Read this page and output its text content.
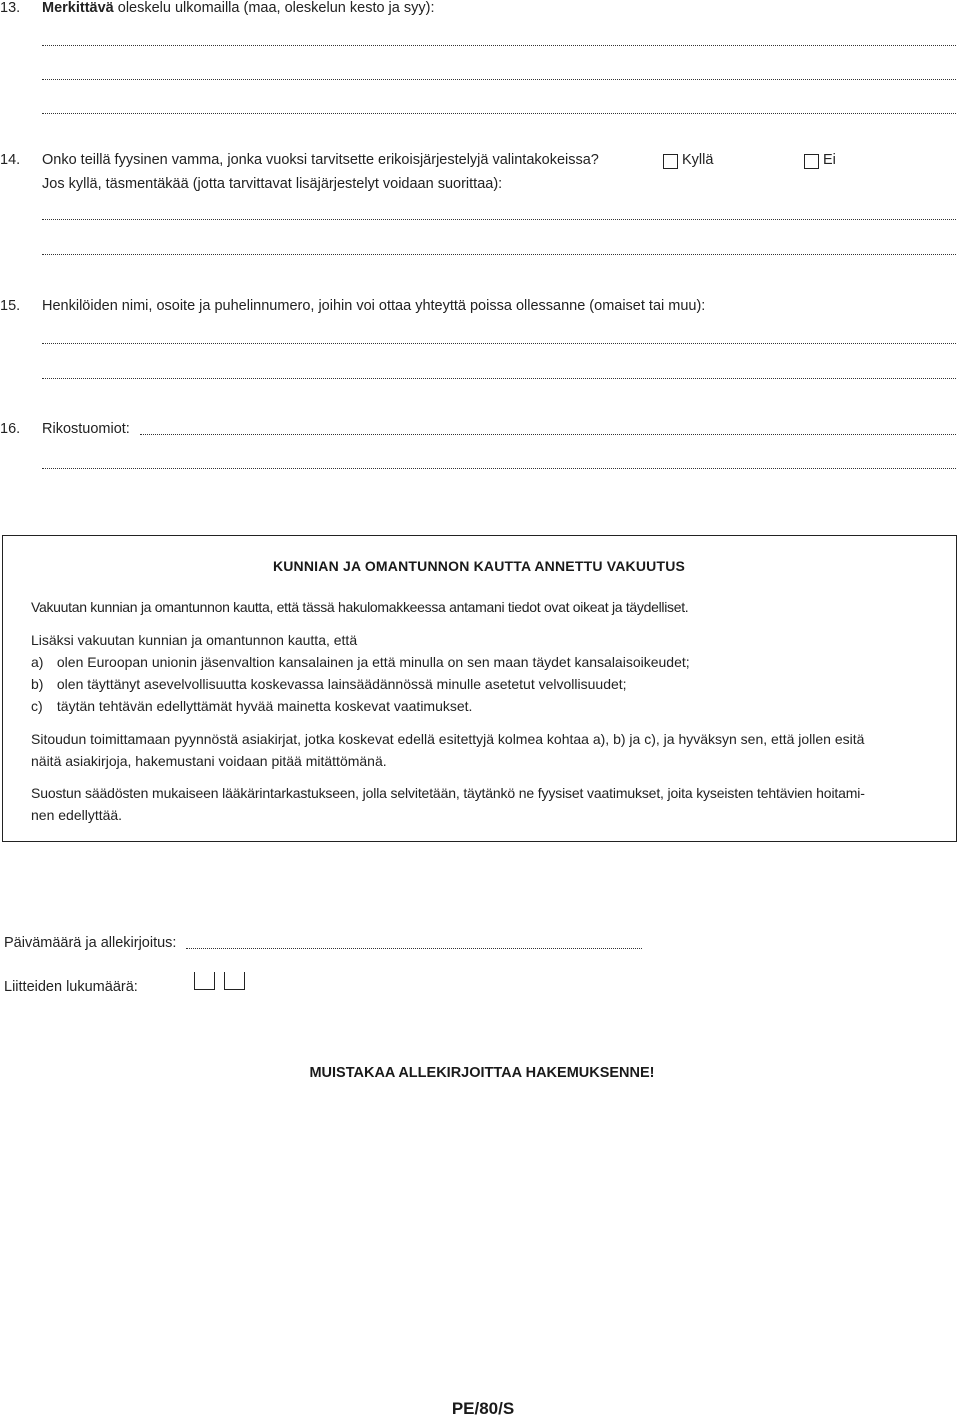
13. Merkittävä oleskelu ulkomailla (maa, oleskelun kesto ja syy):
14. Onko teillä fyysinen vamma, jonka vuoksi tarvitsette erikoisjärjestelyjä valintakokeissa?	Kyllä	Ei
Jos kyllä, täsmentäkää (jotta tarvittavat lisäjärjestelyt voidaan suorittaa):
15. Henkilöiden nimi, osoite ja puhelinnumero, joihin voi ottaa yhteyttä poissa ollessanne (omaiset tai muu):
16. Rikostuomiot:
KUNNIAN JA OMANTUNNON KAUTTA ANNETTU VAKUUTUS
Vakuutan kunnian ja omantunnon kautta, että tässä hakulomakkeessa antamani tiedot ovat oikeat ja täydelliset.
Lisäksi vakuutan kunnian ja omantunnon kautta, että
a) olen Euroopan unionin jäsenvaltion kansalainen ja että minulla on sen maan täydet kansalaisoikeudet;
b) olen täyttänyt asevelvollisuutta koskevassa lainsäädännössä minulle asetetut velvollisuudet;
c) täytän tehtävän edellyttämät hyvää mainetta koskevat vaatimukset.
Sitoudun toimittamaan pyynnöstä asiakirjat, jotka koskevat edellä esitettyjä kolmea kohtaa a), b) ja c), ja hyväksyn sen, että jollen esitä
näitä asiakirjoja, hakemustani voidaan pitää mitättömänä.
Suostun säädösten mukaiseen lääkärintarkastukseen, jolla selvitetään, täytänkö ne fyysiset vaatimukset, joita kyseisten tehtävien hoitami-
nen edellyttää.
Päivämäärä ja allekirjoitus:
Liitteiden lukumäärä:
MUISTAKAA ALLEKIRJOITTAA HAKEMUKSENNE!
PE/80/S
